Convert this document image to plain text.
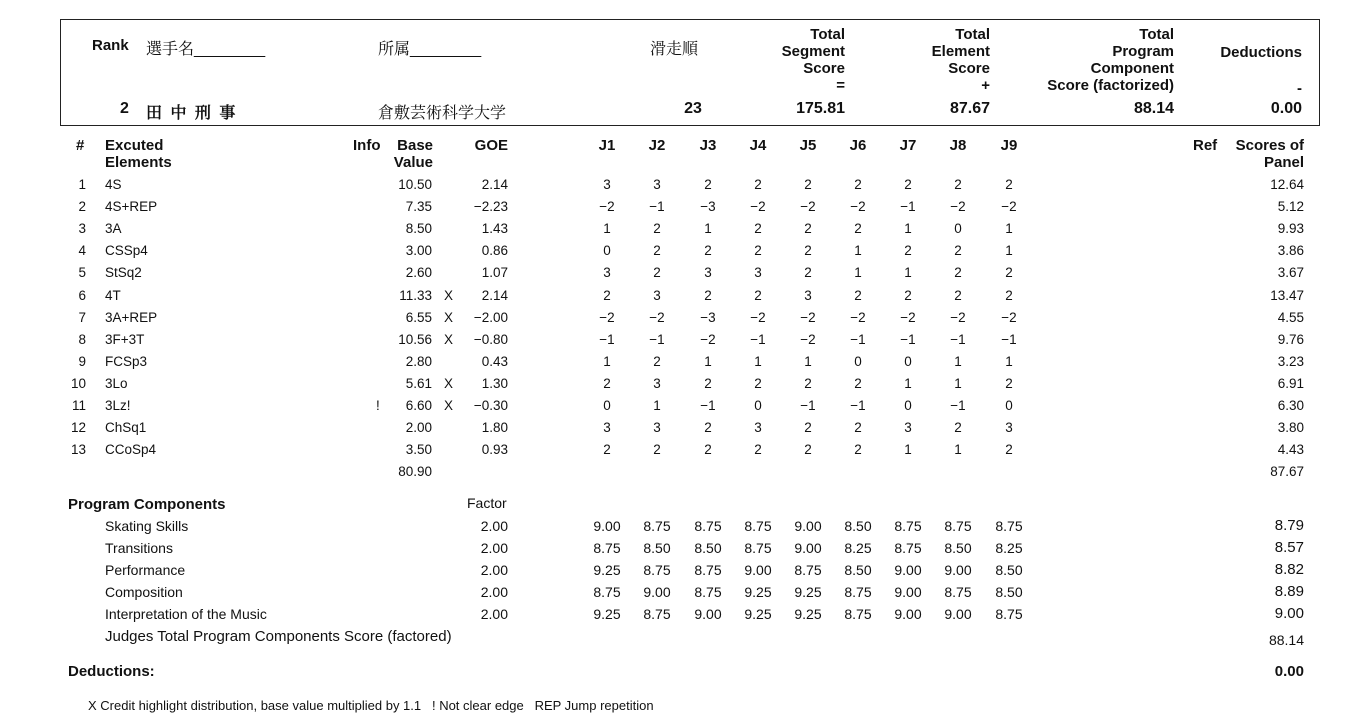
Rank 選手名________	所属________	滑走順
Total
Segment
Score
=
Total
Element
Score
+
Total
Program
Component
Score (factorized)
Deductions
-
2 田 中 刑 事	倉敷芸術科学大学	23	175.81	87.67	88.14	0.00
# Excuted
Elements
Info	Base
Value
GOE	J1	J2	J3	J4	J5	J6	J7	J8	J9	Ref	Scores of
Panel
1 4S	10.50	2.14	3	3	2	2	2	2	2	2	2	12.64
2 4S+REP	7.35	−2.23	−2	−1	−3	−2	−2	−2	−1	−2	−2	5.12
3 3A	8.50	1.43	1	2	1	2	2	2	1	0	1	9.93
4 CSSp4	3.00	0.86	0	2	2	2	2	1	2	2	1	3.86
5 StSq2	2.60	1.07	3	2	3	3	2	1	1	2	2	3.67
6 4T	11.33 X	2.14	2	3	2	2	3	2	2	2	2	13.47
7 3A+REP	6.55 X	−2.00	−2	−2	−3	−2	−2	−2	−2	−2	−2	4.55
8 3F+3T	10.56 X	−0.80	−1	−1	−2	−1	−2	−1	−1	−1	−1	9.76
9 FCSp3	2.80	0.43	1	2	1	1	1	0	0	1	1	3.23
10 3Lo	5.61 X	1.30	2	3	2	2	2	2	1	1	2	6.91
11 3Lz!	!	6.60 X	−0.30	0	1	−1	0	−1	−1	0	−1	0	6.30
12 ChSq1	2.00	1.80	3	3	2	3	2	2	3	2	3	3.80
13 CCoSp4	3.50	0.93	2	2	2	2	2	2	1	1	2	4.43
80.90	87.67
Program Components	Factor
Skating Skills	2.00	9.00	8.75	8.75	8.75	9.00	8.50	8.75	8.75	8.75	8.79
Transitions	2.00	8.75	8.50	8.50	8.75	9.00	8.25	8.75	8.50	8.25	8.57
Performance	2.00	9.25	8.75	8.75	9.00	8.75	8.50	9.00	9.00	8.50	8.82
Composition	2.00	8.75	9.00	8.75	9.25	9.25	8.75	9.00	8.75	8.50	8.89
Interpretation of the Music	2.00	9.25	8.75	9.00	9.25	9.25	8.75	9.00	9.00	8.75	9.00
Judges Total Program Components Score (factored)	88.14
Deductions:	0.00
X Credit highlight distribution, base value multiplied by 1.1   ! Not clear edge   REP Jump repetition
